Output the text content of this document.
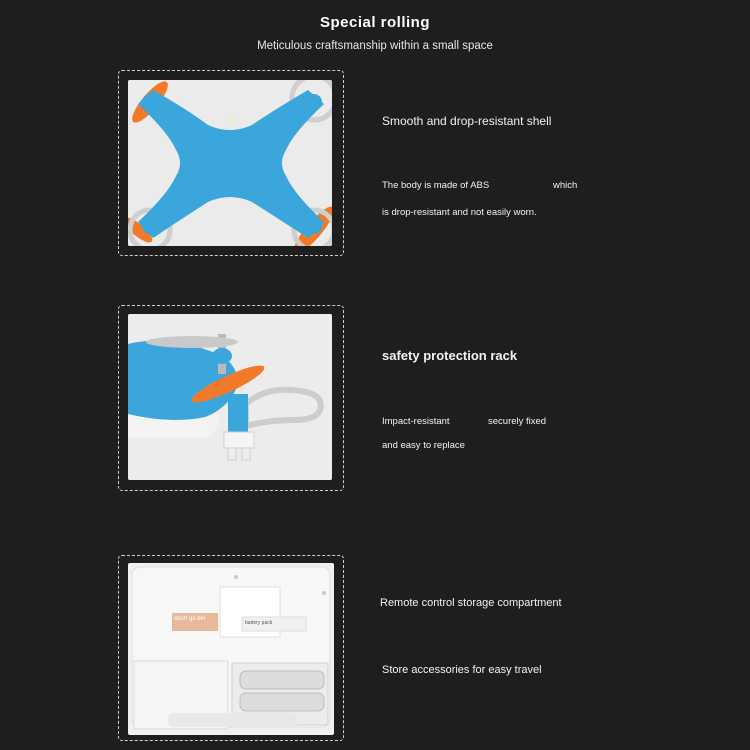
Special rolling
Meticulous craftsmanship within a small space
Smooth and drop-resistant shell
The body is made of ABS	which
is drop-resistant and not easily worn.
safety protection rack
Impact-resistant	securely fixed
and easy to replace
short go bin
battery pack
Remote control storage compartment
Store accessories for easy travel
